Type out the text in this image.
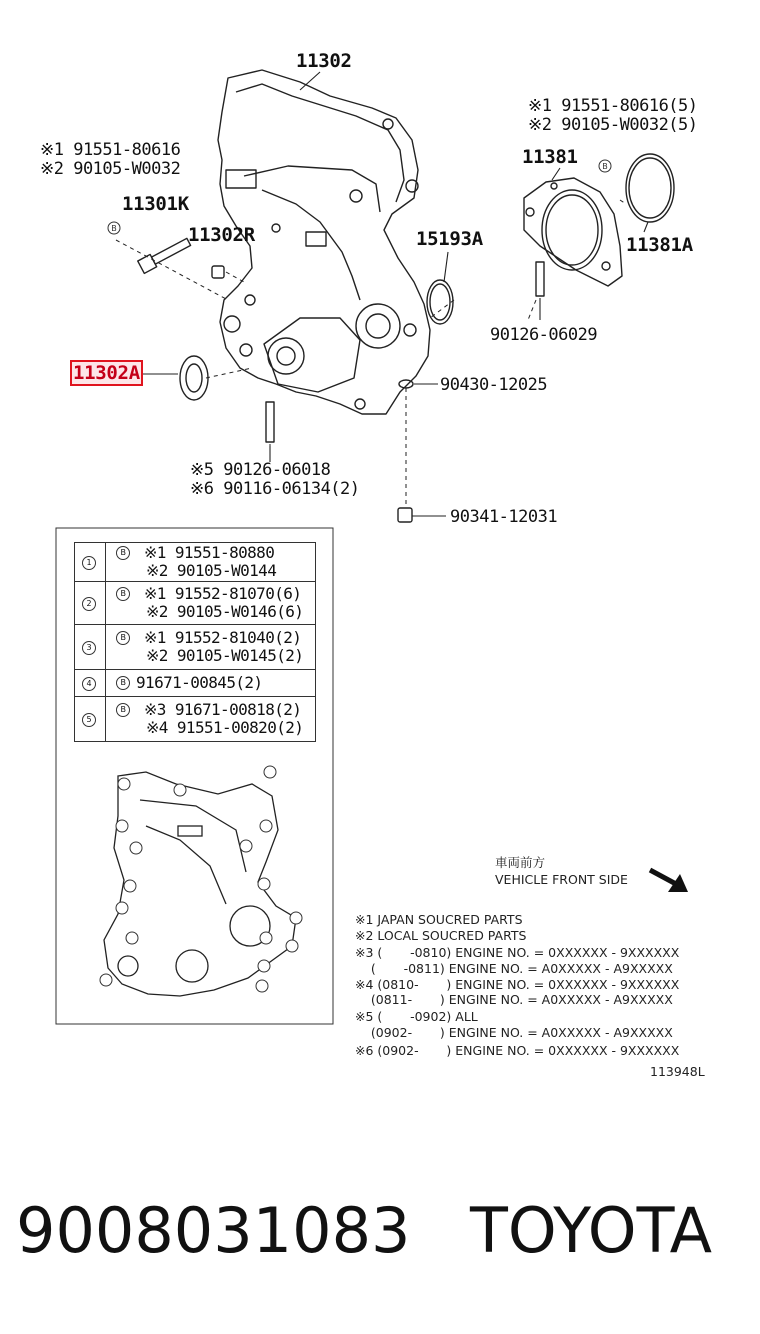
B
B
11302
11302R
11301K
11302A
15193A
11381
11381A
90126-06029
90430-12025
90341-12031
※1 91551-80616
※2 90105-W0032
※1 91551-80616(5)
※2 90105-W0032(5)
※5 90126-06018
※6 90116-06134(2)
1	B ※1 91551-80880
※2 90105-W0144

2	B ※1 91552-81070(6)
※2 90105-W0146(6)

3	B ※1 91552-81040(2)
※2 90105-W0145(2)

4	B 91671-00845(2)

5	B ※3 91671-00818(2)
※4 91551-00820(2)
車両前方
VEHICLE FRONT SIDE
※1 JAPAN SOUCRED PARTS
※2 LOCAL SOUCRED PARTS
※3 (       -0810) ENGINE NO. = 0XXXXXX - 9XXXXXX
(       -0811) ENGINE NO. = A0XXXXX - A9XXXXX
※4 (0810-       ) ENGINE NO. = 0XXXXXX - 9XXXXXX
(0811-       ) ENGINE NO. = A0XXXXX - A9XXXXX
※5 (       -0902) ALL
(0902-       ) ENGINE NO. = A0XXXXX - A9XXXXX
※6 (0902-       ) ENGINE NO. = 0XXXXXX - 9XXXXXX
113948L
9008031083 TOYOTA
